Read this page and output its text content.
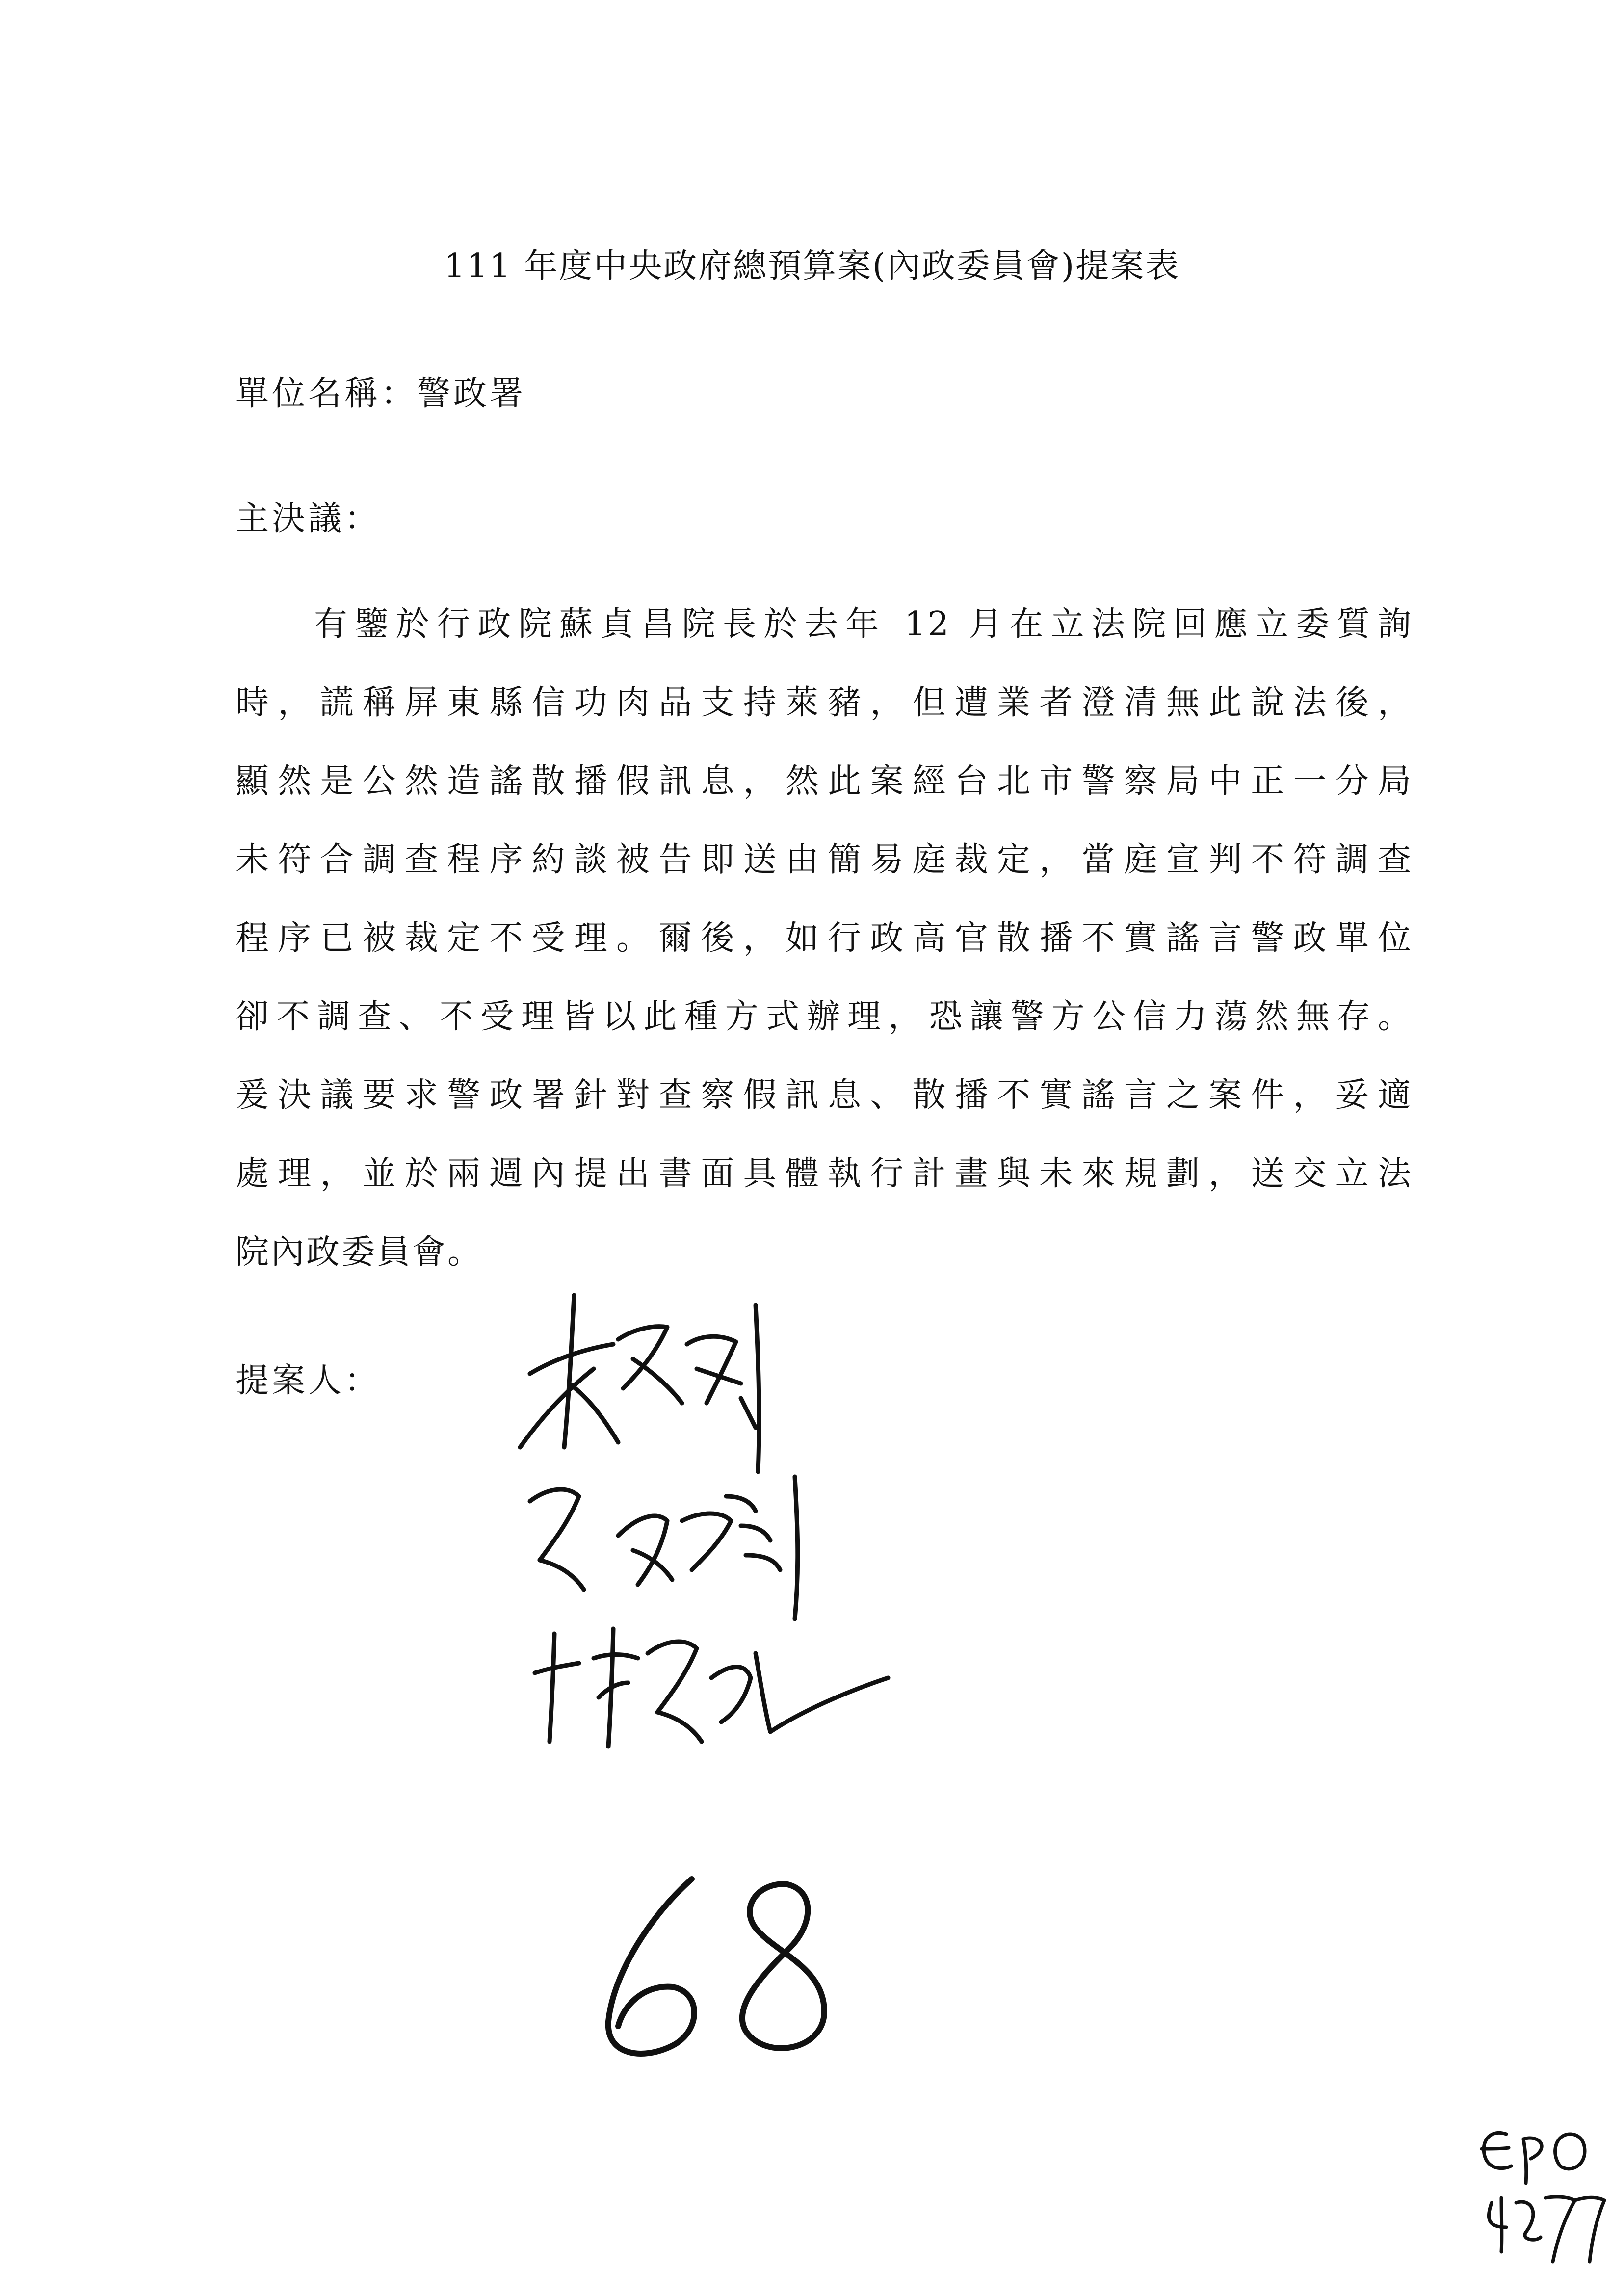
111 年度中央政府總預算案(內政委員會)提案表
單位名稱：警政署
主決議：
有鑒於行政院蘇貞昌院長於去年 12 月在立法院回應立委質詢
時，謊稱屏東縣信功肉品支持萊豬，但遭業者澄清無此說法後，
顯然是公然造謠散播假訊息，然此案經台北市警察局中正一分局
未符合調查程序約談被告即送由簡易庭裁定，當庭宣判不符調查
程序已被裁定不受理。爾後，如行政高官散播不實謠言警政單位
卻不調查、不受理皆以此種方式辦理，恐讓警方公信力蕩然無存。
爰決議要求警政署針對查察假訊息、散播不實謠言之案件，妥適
處理，並於兩週內提出書面具體執行計畫與未來規劃，送交立法
院內政委員會。
提案人：
